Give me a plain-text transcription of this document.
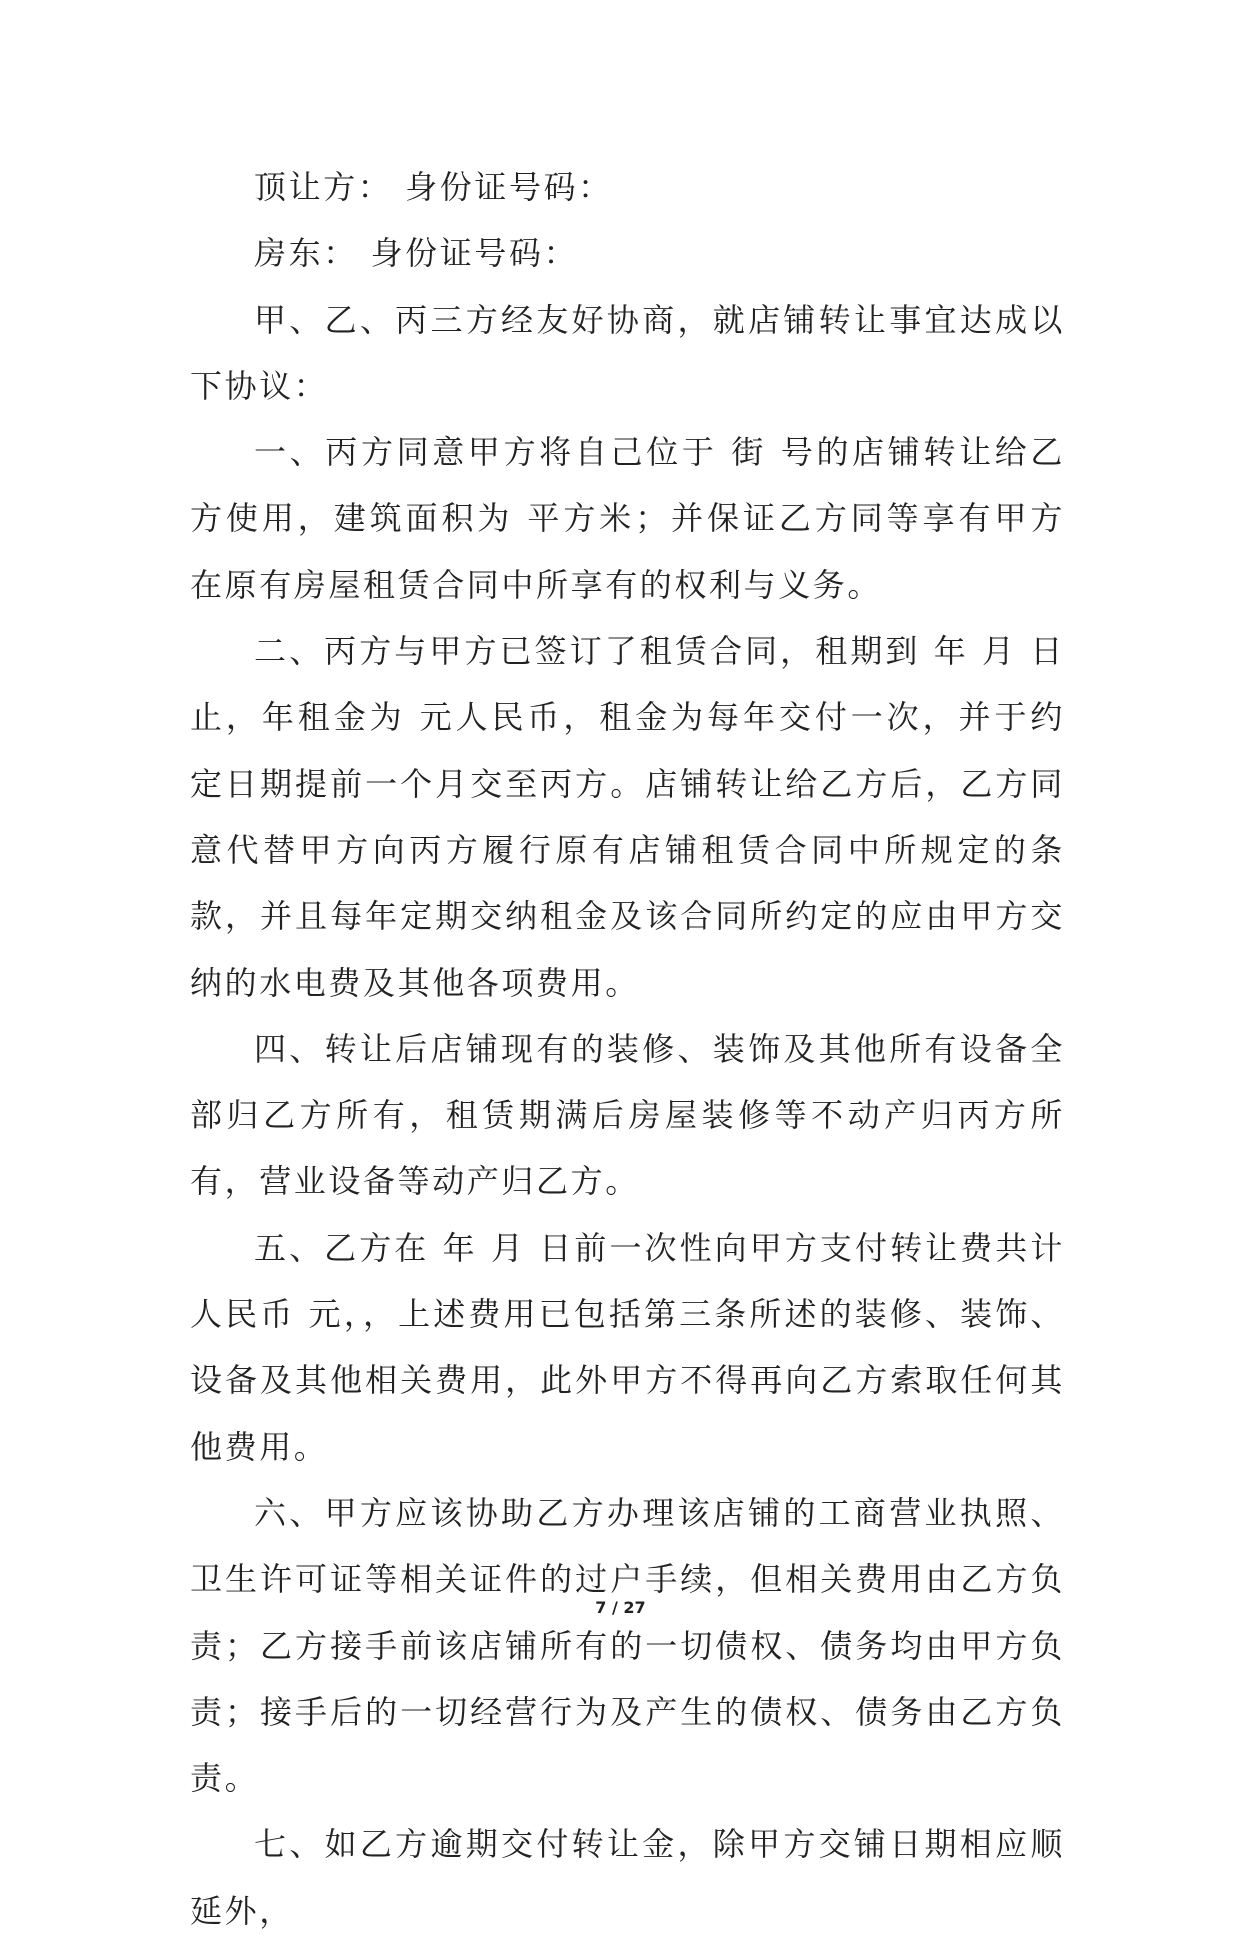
顶让方： 身份证号码：

房东： 身份证号码：

甲、乙、丙三方经友好协商，就店铺转让事宜达成以下协议：

一、丙方同意甲方将自己位于 街 号的店铺转让给乙方使用，建筑面积为 平方米；并保证乙方同等享有甲方在原有房屋租赁合同中所享有的权利与义务。

二、丙方与甲方已签订了租赁合同，租期到 年 月 日止，年租金为 元人民币，租金为每年交付一次，并于约定日期提前一个月交至丙方。店铺转让给乙方后，乙方同意代替甲方向丙方履行原有店铺租赁合同中所规定的条款，并且每年定期交纳租金及该合同所约定的应由甲方交纳的水电费及其他各项费用。

四、转让后店铺现有的装修、装饰及其他所有设备全部归乙方所有，租赁期满后房屋装修等不动产归丙方所有，营业设备等动产归乙方。

五、乙方在 年 月 日前一次性向甲方支付转让费共计人民币 元，，上述费用已包括第三条所述的装修、装饰、设备及其他相关费用，此外甲方不得再向乙方索取任何其他费用。

六、甲方应该协助乙方办理该店铺的工商营业执照、卫生许可证等相关证件的过户手续，但相关费用由乙方负责；乙方接手前该店铺所有的一切债权、债务均由甲方负责；接手后的一切经营行为及产生的债权、债务由乙方负责。

七、如乙方逾期交付转让金，除甲方交铺日期相应顺延外，

7 / 27
